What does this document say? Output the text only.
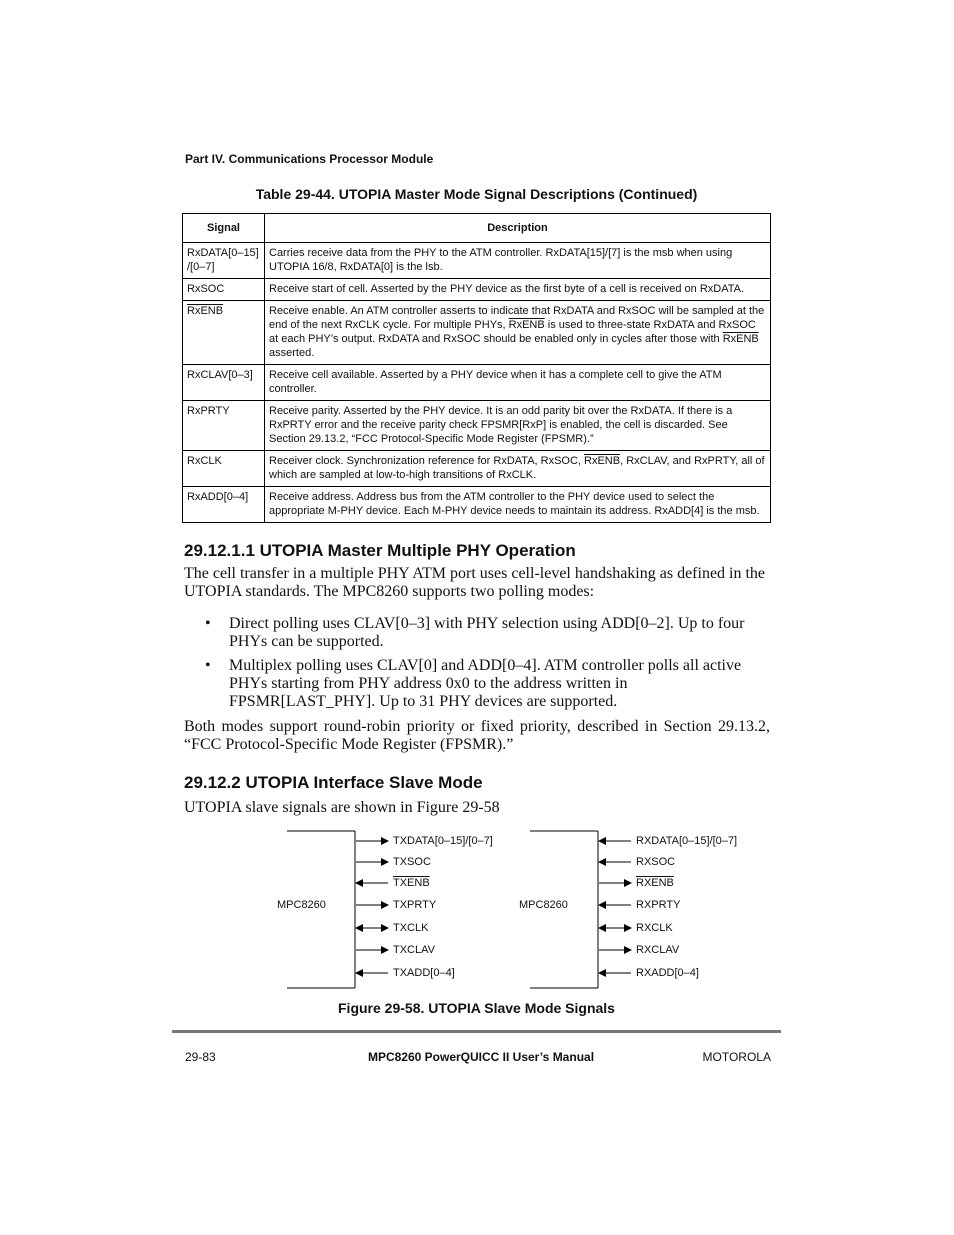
Part IV. Communications Processor Module
Table 29-44. UTOPIA Master Mode Signal Descriptions (Continued)
Signal	Description
RxDATA[0–15]
/[0–7]	Carries receive data from the PHY to the ATM controller. RxDATA[15]/[7] is the msb when using UTOPIA 16/8, RxDATA[0] is the lsb.
RxSOC	Receive start of cell. Asserted by the PHY device as the first byte of a cell is received on RxDATA.
RxENB	Receive enable. An ATM controller asserts to indicate that RxDATA and RxSOC will be sampled at the end of the next RxCLK cycle. For multiple PHYs, RxENB is used to three-state RxDATA and RxSOC at each PHY’s output. RxDATA and RxSOC should be enabled only in cycles after those with RxENB asserted.
RxCLAV[0–3]	Receive cell available. Asserted by a PHY device when it has a complete cell to give the ATM controller.
RxPRTY	Receive parity. Asserted by the PHY device. It is an odd parity bit over the RxDATA. If there is a RxPRTY error and the receive parity check FPSMR[RxP] is enabled, the cell is discarded. See Section 29.13.2, “FCC Protocol-Specific Mode Register (FPSMR).”
RxCLK	Receiver clock. Synchronization reference for RxDATA, RxSOC, RxENB, RxCLAV, and RxPRTY, all of which are sampled at low-to-high transitions of RxCLK.
RxADD[0–4]	Receive address. Address bus from the ATM controller to the PHY device used to select the appropriate M-PHY device. Each M-PHY device needs to maintain its address. RxADD[4] is the msb.
29.12.1.1 UTOPIA Master Multiple PHY Operation
The cell transfer in a multiple PHY ATM port uses cell-level handshaking as defined in the UTOPIA standards. The MPC8260 supports two polling modes:
• Direct polling uses CLAV[0–3] with PHY selection using ADD[0–2]. Up to four PHYs can be supported.
• Multiplex polling uses CLAV[0] and ADD[0–4]. ATM controller polls all active PHYs starting from PHY address 0x0 to the address written in FPSMR[LAST_PHY]. Up to 31 PHY devices are supported.
Both modes support round-robin priority or fixed priority, described in Section 29.13.2, “FCC Protocol-Specific Mode Register (FPSMR).”
29.12.2 UTOPIA Interface Slave Mode
UTOPIA slave signals are shown in Figure 29-58
MPC8260	MPC8260
TXDATA[0–15]/[0–7]
TXSOC
TXENB
TXPRTY
TXCLK
TXCLAV
TXADD[0–4]
RXDATA[0–15]/[0–7]
RXSOC
RXENB
RXPRTY
RXCLK
RXCLAV
RXADD[0–4]
Figure 29-58. UTOPIA Slave Mode Signals
29-83	MPC8260 PowerQUICC II User’s Manual	MOTOROLA
